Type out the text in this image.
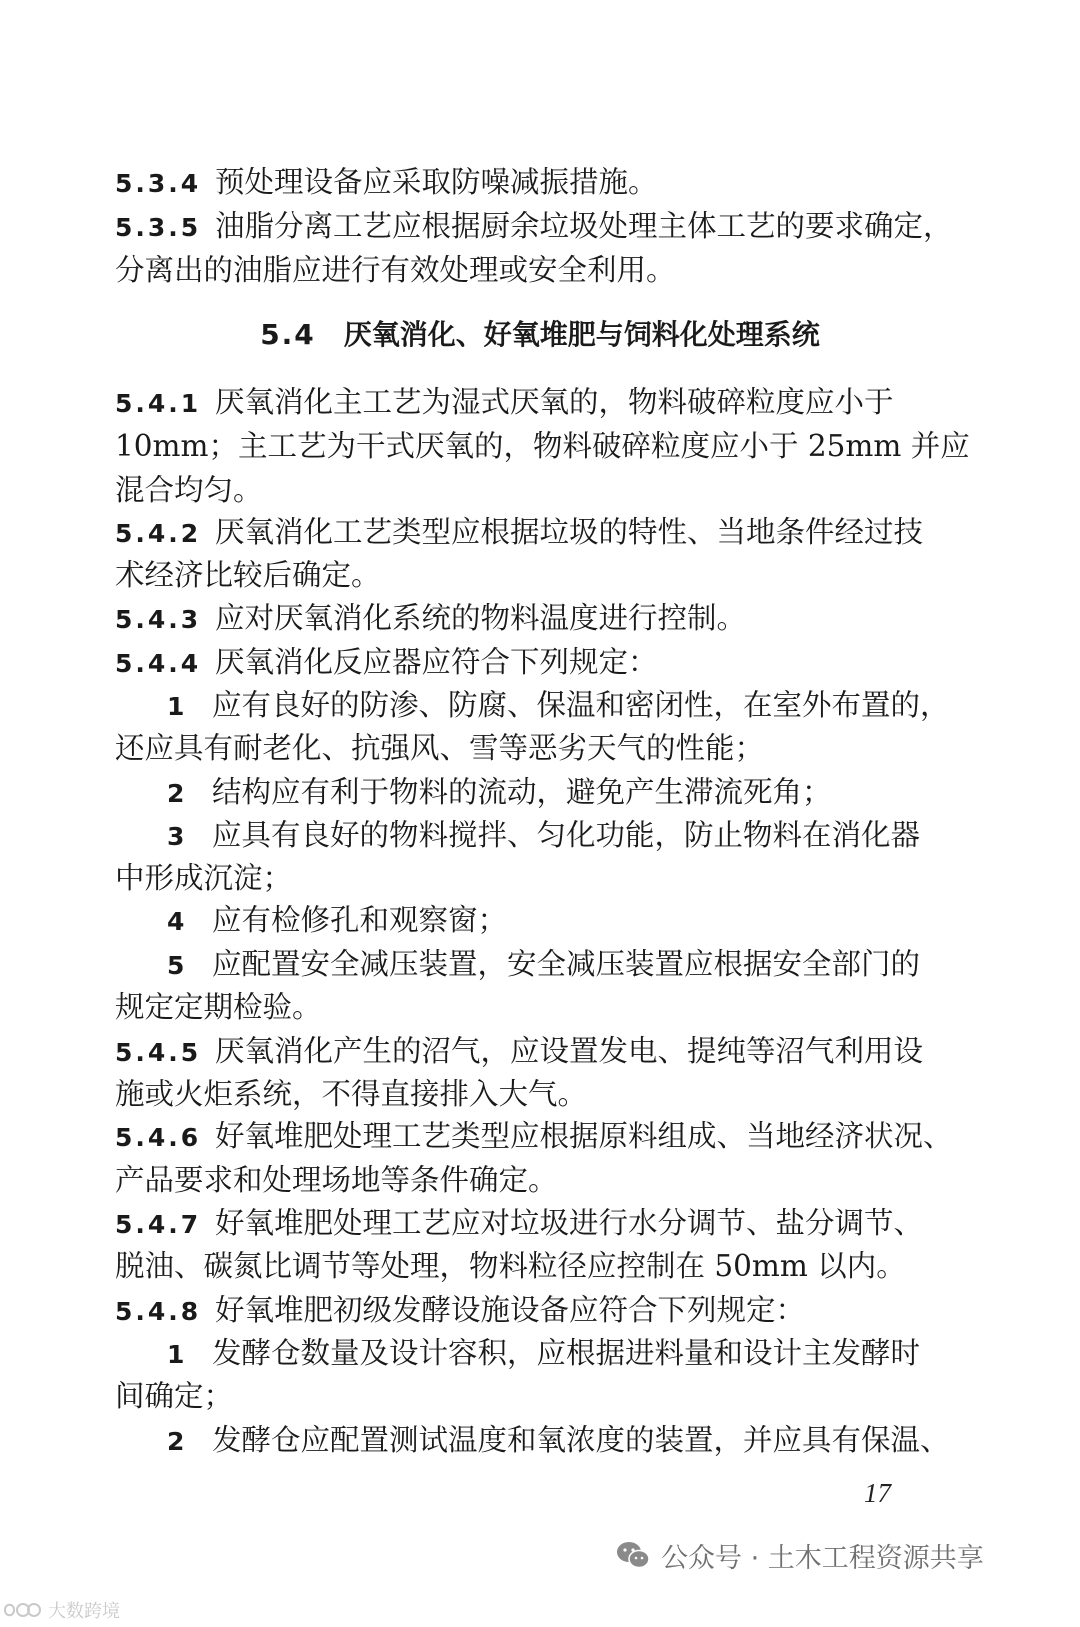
5.3.4 预处理设备应采取防噪减振措施。
5.3.5 油脂分离工艺应根据厨余垃圾处理主体工艺的要求确定，
分离出的油脂应进行有效处理或安全利用。
5.4 厌氧消化、好氧堆肥与饲料化处理系统
5.4.1 厌氧消化主工艺为湿式厌氧的，物料破碎粒度应小于
10mm；主工艺为干式厌氧的，物料破碎粒度应小于 25mm 并应
混合均匀。
5.4.2 厌氧消化工艺类型应根据垃圾的特性、当地条件经过技
术经济比较后确定。
5.4.3 应对厌氧消化系统的物料温度进行控制。
5.4.4 厌氧消化反应器应符合下列规定：
1 应有良好的防渗、防腐、保温和密闭性，在室外布置的，
还应具有耐老化、抗强风、雪等恶劣天气的性能；
2 结构应有利于物料的流动，避免产生滞流死角；
3 应具有良好的物料搅拌、匀化功能，防止物料在消化器
中形成沉淀；
4 应有检修孔和观察窗；
5 应配置安全减压装置，安全减压装置应根据安全部门的
规定定期检验。
5.4.5 厌氧消化产生的沼气，应设置发电、提纯等沼气利用设
施或火炬系统，不得直接排入大气。
5.4.6 好氧堆肥处理工艺类型应根据原料组成、当地经济状况、
产品要求和处理场地等条件确定。
5.4.7 好氧堆肥处理工艺应对垃圾进行水分调节、盐分调节、
脱油、碳氮比调节等处理，物料粒径应控制在 50mm 以内。
5.4.8 好氧堆肥初级发酵设施设备应符合下列规定：
1 发酵仓数量及设计容积，应根据进料量和设计主发酵时
间确定；
2 发酵仓应配置测试温度和氧浓度的装置，并应具有保温、
17
公众号 · 土木工程资源共享
大数跨境
